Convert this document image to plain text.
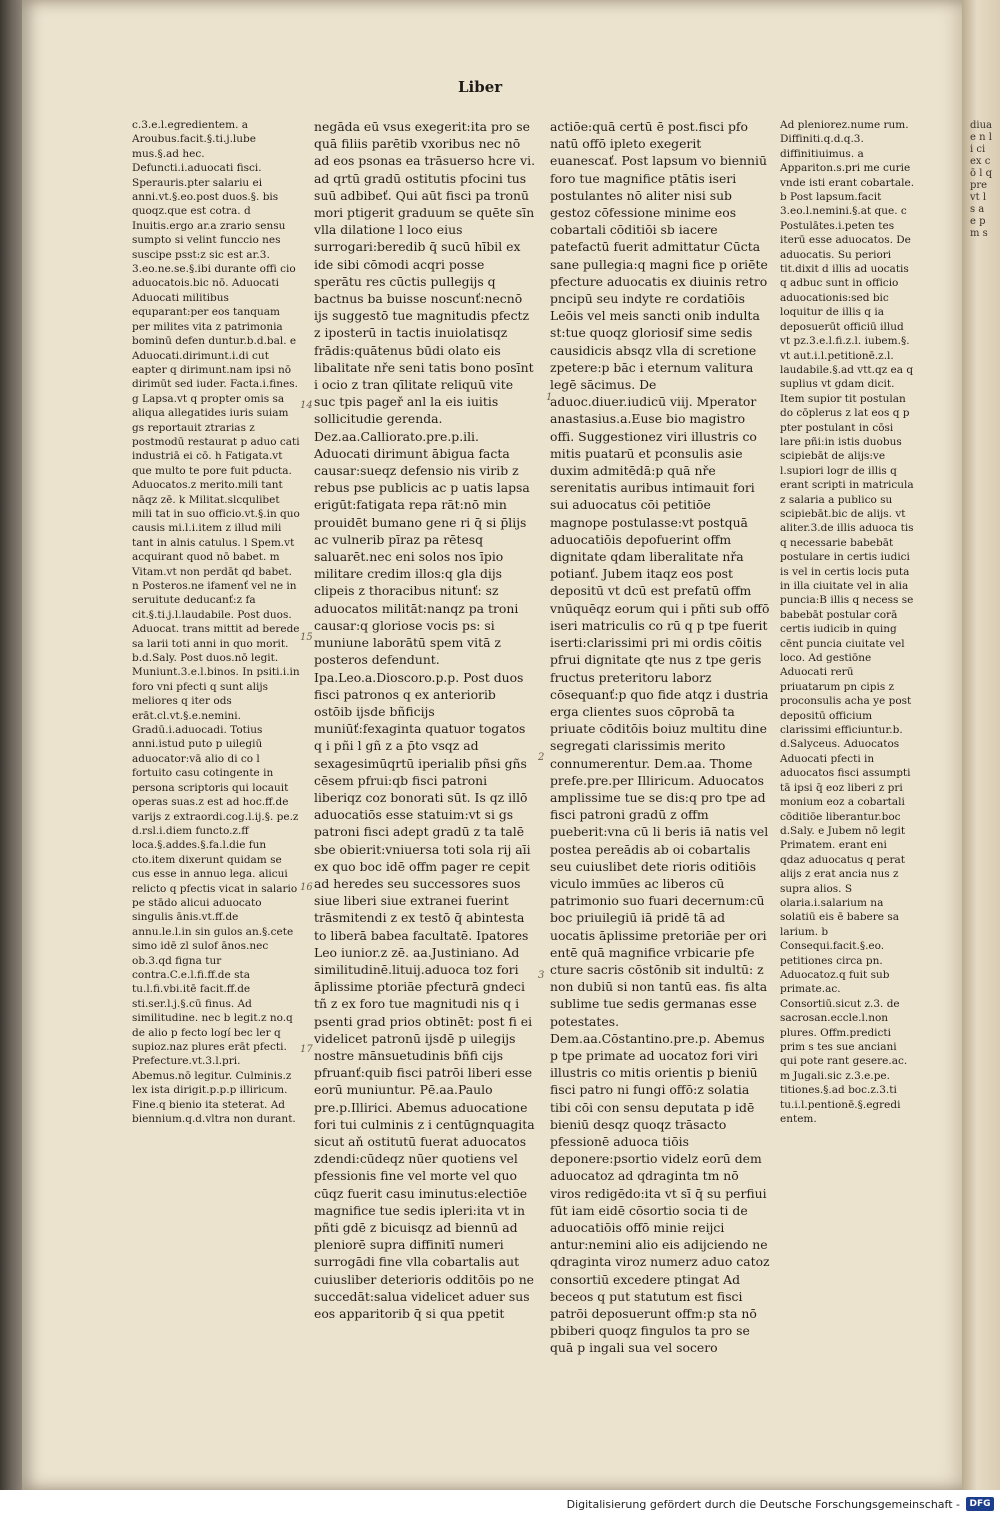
Liber

c.3.e.l.egredientem. a Aroubus.facit.§.ti.j.lube mus.§.ad hec. Defuncti.i.aduocati fisci. Sperauris.pter salariu ei anni.vt.§.eo.post duos.§. bis quoqz.que est cotra. d Inuitis.ergo ar.a zrario sensu sumpto si velint funccio nes suscipe psst:z sic est ar.3. 3.eo.ne.se.§.ibi durante offi cio aduocatois.bic nō. Aduocati Aduocati militibus equparant:per eos tanquam per milites vita z patrimonia bominū defen duntur.b.d.bal. e Aduocati.dirimunt.i.di cut eapter q dirimunt.nam ipsi nō dirimūt sed iuder. Facta.i.fines. g Lapsa.vt q propter omis sa aliqua allegatides iuris suiam gs reportauit ztrarias z postmodū restaurat p aduo cati industriā ei cō. h Fatigata.vt que multo te pore fuit pducta. Aduocatos.z merito.mili tant nāqz zē. k Militat.slcqulibet mili tat in suo officio.vt.§.in quo causis mi.l.i.item z illud mili tant in alnis catulus. l Spem.vt acquirant quod nō babet. m Vitam.vt non perdāt qd babet. n Posteros.ne ifamenť vel ne in seruitute deducanť:z fa cit.§.ti.j.l.laudabile. Post duos. Aduocat. trans mittit ad berede sa larii toti anni in quo morit. b.d.Saly. Post duos.nō legit. Muniunt.3.e.l.binos. In psiti.i.in foro vni pfecti q sunt alijs meliores q iter ods erāt.cl.vt.§.e.nemini. Gradū.i.aduocadi. Totius anni.istud puto p uilegiū aduocator:vā alio di co l fortuito casu cotingente in persona scriptoris qui locauit operas suas.z est ad hoc.ff.de varijs z extraordi.cog.l.ij.§. pe.z d.rsl.i.diem functo.z.ff loca.§.addes.§.fa.l.die fun cto.item dixerunt quidam se cus esse in annuo lega. alicui relicto q pfectis vicat in salario pe stādo alicui aduocato singulis ānis.vt.ff.de annu.le.l.in sin gulos an.§.cete simo idē zl sulof ānos.nec ob.3.qd figna tur contra.C.e.l.fi.ff.de sta tu.l.fi.vbi.itē facit.ff.de sti.ser.l.j.§.cū finus. Ad similitudine. nec b legit.z no.q de alio p fecto logí bec ler q supioz.naz plures erāt pfecti. Prefecture.vt.3.l.pri. Abemus.nō legitur. Culminis.z lex ista dirigit.p.p.p illiricum. Fine.q bienio ita steterat. Ad biennium.q.d.vltra non durant.

negāda eū vsus exegerit:ita pro se quā filiis parētib vxoribus nec nō ad eos psonas ea trāsuerso hcre vi. ad qrtū gradū ostitutis pfocini tus suū adbibeť. Qui aūt fisci pa tronū mori ptigerit graduum se quēte sīn vlla dilatione l loco eius surrogari:beredib q̄ sucū hībil ex ide sibi cōmodi acqri posse sperātu res cūctis pullegijs q bactnus ba buisse noscunť:necnō ijs suggestō tue magnitudis pfectz z iposterū in tactis inuiolatisqz frādis:quātenus būdi olato eis libalitate nře seni tatis bono posīnt i ocio z tran qīlitate reliquū vite suc tpis pageř anl la eis iuitis sollicitudie gerenda. Dez.aa.Calliorato.pre.p.ili. Aduocati dirimunt ābigua facta causar:sueqz defensio nis virib z rebus pse publicis ac p uatis lapsa erigūt:fatigata repa rāt:nō min prouidēt bumano gene ri q̄ si p̄lijs ac vulnerib pīraz pa rētesq saluarēt.nec eni solos nos īpio militare credim illos:q gla dijs clipeis z thoracibus nitunť: sz aduocatos militāt:nanqz pa troni causar:q gloriose vocis ps: si muniune laborātū spem vitā z posteros defendunt. Ipa.Leo.a.Dioscoro.p.p. Post duos fisci patronos q ex anteriorib ostōib ijsde bñficijs muniūť:fexaginta quatuor togatos q i pñi l gñ z a p̄to vsqz ad sexagesimūqrtū iperialib pñsi gñs cēsem pfrui:qb fisci patroni liberiqz coz bonorati sūt. Is qz illō aduocatiōs esse statuim:vt si gs patroni fisci adept gradū z ta talē sbe obierit:vniuersa toti sola rij aīi ex quo boc idē offm pager re cepit ad heredes seu successores suos siue liberi siue extranei fuerint trāsmitendi z ex testō q̄ abintesta to liberā babea facultatē. Ipatores Leo iunior.z zē. aa.Justiniano. Ad similitudinē.lituij.aduoca toz fori āplissime ptoriāe pfecturā gndeci tñ z ex foro tue magnitudi nis q i psenti grad prios obtinēt: post fi ei videlicet patronū ijsdē p uilegijs nostre mānsuetudinis bñfi cijs pfruanť:quib fisci patrōi liberi esse eorū muniuntur. Pē.aa.Paulo pre.p.Illirici. Abemus aduocatione fori tui culminis z i centūgnquagita sicut aň ostitutū fuerat aduocatos zdendi:cūdeqz nūer quotiens vel pfessionis fine vel morte vel quo cūqz fuerit casu iminutus:electiōe magnifice tue sedis ipleri:ita vt in pñti gdē z bicuisqz ad biennū ad pleniorē supra diffinitī numeri surrogādi fine vlla cobartalis aut cuiusliber deterioris odditōis po ne succedāt:salua videlicet aduer sus eos apparitorib q̄ si qua ppetit

actiōe:quā certū ē post.fisci pfo natū offō ipleto exegerit euanescať. Post lapsum vo bienniū foro tue magnifice ptātis iseri postulantes nō aliter nisi sub gestoz cōfessione minime eos cobartali cōditiōi sb iacere patefactū fuerit admittatur Cūcta sane pullegia:q magni fice p oriēte pfecture aduocatis ex diuinis retro pncipū seu indyte re cordatiōis Leōis vel meis sancti onib indulta st:tue quoqz gloriosif sime sedis causidicis absqz vlla di scretione zpetere:p bāc i eternum valitura legē sācimus. De aduoc.diuer.iudicū viij. Mperator anastasius.a.Euse bio magistro offi. Suggestionez viri illustris co mitis puatarū et pconsulis asie duxim admitēdā:p quā nře serenitatis auribus intimauit fori sui aduocatus cōi petitiōe magnope postulasse:vt postquā aduocatiōis depofuerint offm dignitate qdam liberalitate nřa potianť. Jubem itaqz eos post depositū vt dcū est prefatū offm vnūquēqz eorum qui i pñti sub offō iseri matriculis co rū q p tpe fuerit iserti:clarissimi pri mi ordis cōitis pfrui dignitate qte nus z tpe geris fructus preteritoru laborz cōsequanť:p quo fide atqz i dustria erga clientes suos cōprobā ta priuate cōditōis boiuz multitu dine segregati clarissimis merito connumerentur. Dem.aa. Thome prefe.pre.per Illiricum. Aduocatos amplissime tue se dis:q pro tpe ad fisci patroni gradū z offm pueberit:vna cū li beris iā natis vel postea pereādis ab oi cobartalis seu cuiuslibet dete rioris oditiōis viculo immūes ac liberos cū patrimonio suo fuari decernum:cū boc priuilegiū iā pridē tā ad uocatis āplissime pretoriāe per ori entē quā magnifice vrbicarie pfe cture sacris cōstōnib sit indultū: z non dubiū si non tantū eas. fis alta sublime tue sedis germanas esse potestates. Dem.aa.Cōstantino.pre.p. Abemus p tpe primate ad uocatoz fori viri illustris co mitis orientis p bieniū fisci patro ni fungi offō:z solatia tibi cōi con sensu deputata p idē bieniū desqz quoqz trāsacto pfessionē aduoca tiōis deponere:psortio videlz eorū dem aduocatoz ad qdraginta tm nō viros redigēdo:ita vt sī q̄ su perfiui fūt iam eidē cōsortio socia ti de aduocatiōis offō minie reijci antur:nemini alio eis adijciendo ne qdraginta viroz numerz aduo catoz consortiū excedere ptingat Ad beceos q put statutum est fisci patrōi deposuerunt offm:p sta nō pbiberi quoqz fingulos ta pro se quā p ingali sua vel socero

Ad pleniorez.nume rum. Diffiniti.q.d.q.3. diffinitiuimus. a Appariton.s.pri me curie vnde isti erant cobartale. b Post lapsum.facit 3.eo.l.nemini.§.at que. c Postulātes.i.peten tes iterū esse aduocatos. De aduocatis. Su periori tit.dixit d illis ad uocatis q adbuc sunt in officio aduocationis:sed bic loquitur de illis q ia deposuerūt officiū illud vt pz.3.e.l.fi.z.l. iubem.§. vt aut.i.l.petitionē.z.l. laudabile.§.ad vtt.qz ea q suplius vt gdam dicit. Item supior tit postulan do cōplerus z lat eos q p pter postulant in cōsi lare pñi:in istis duobus scipiebāt de alijs:ve l.supiori logr de illis q erant scripti in matricula z salaria a publico su scipiebāt.bic de alijs. vt aliter.3.de illis aduoca tis q necessarie babebāt postulare in certis iudici is vel in certis locis puta in illa ciuitate vel in alia puncia:B illis q necess se babebāt postular corā certis iudicib in quing cēnt puncia ciuitate vel loco. Ad gestiōne Aduocati rerū priuatarum pn cipis z proconsulis acha ye post depositū officium clarissimi efficiuntur.b. d.Salyceus. Aduocatos Aduocati pfecti in aduocatos fisci assumpti tā ipsi q̄ eoz liberi z pri monium eoz a cobartali cōditiōe liberantur.boc d.Saly. e Jubem nō legit Primatem. erant eni qdaz aduocatus q perat alijs z erat ancia nus z supra alios. S olaria.i.salarium na solatiū eis ē babere sa larium. b Consequi.facit.§.eo. petitiones circa pn. Aduocatoz.q fuit sub primate.ac. Consortiū.sicut z.3. de sacrosan.eccle.l.non plures. Offm.predicti prim s tes sue anciani qui pote rant gesere.ac. m Jugali.sic z.3.e.pe. titiones.§.ad boc.z.3.ti tu.i.l.pentionē.§.egredi entem.

14
15
16
17
2
3
1
diuae n li ci ex cō l q pre vt l s a e p m s
Digitalisierung gefördert durch die Deutsche Forschungsgemeinschaft -	DFG
